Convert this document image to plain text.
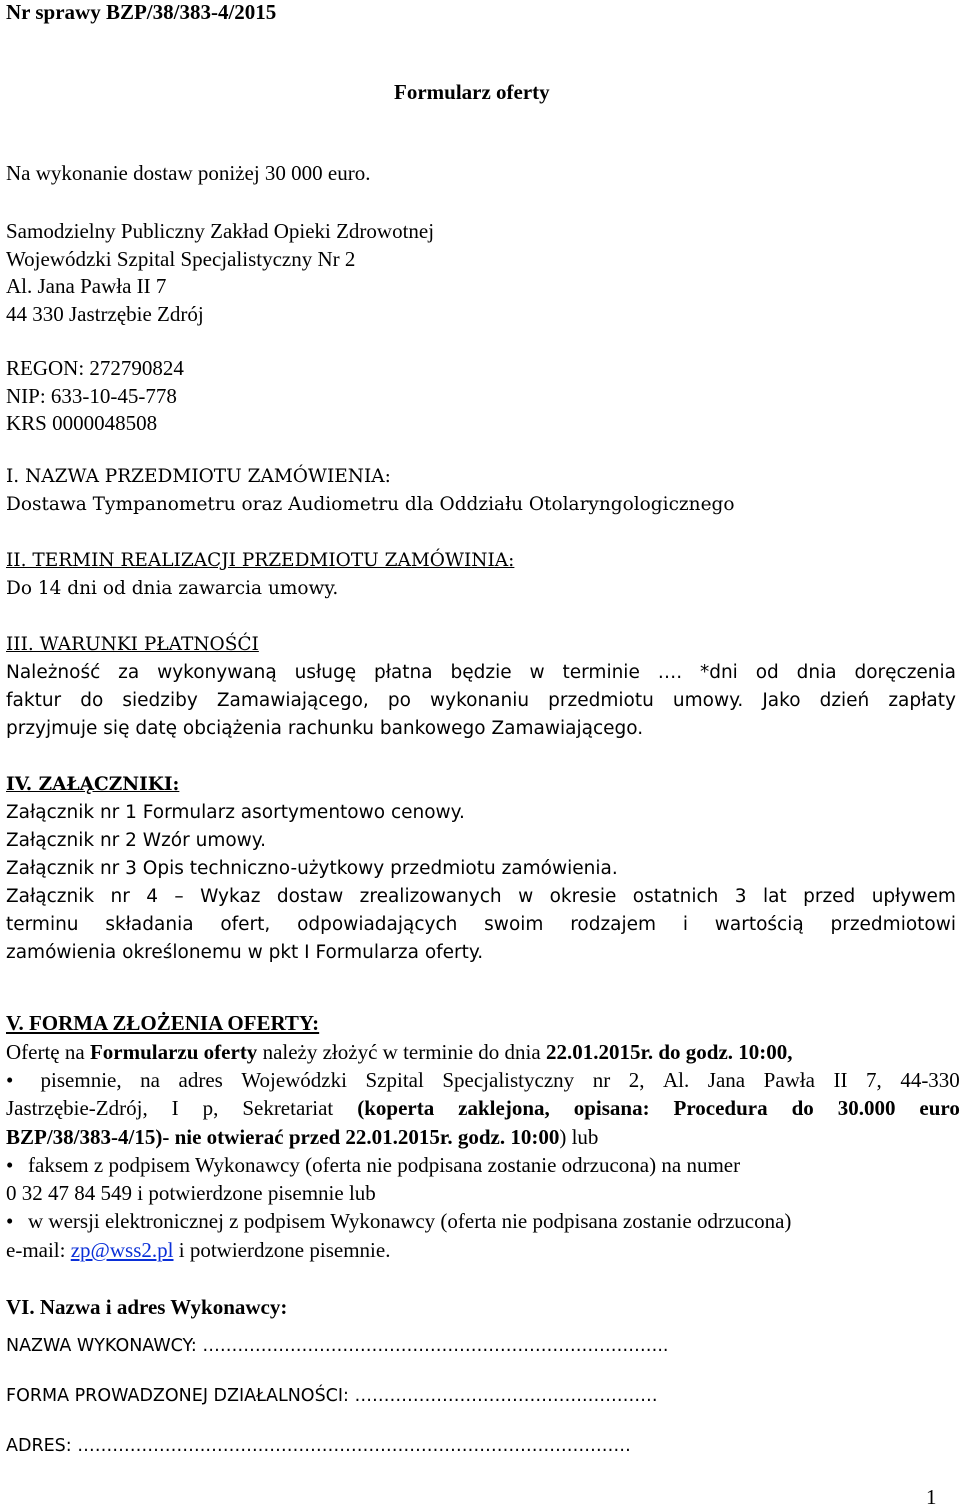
Nr sprawy BZP/38/383-4/2015
Formularz oferty
Na wykonanie dostaw poniżej 30 000 euro.
Samodzielny Publiczny Zakład Opieki Zdrowotnej
Wojewódzki Szpital Specjalistyczny Nr 2
Al. Jana Pawła II 7
44 330 Jastrzębie Zdrój
REGON: 272790824
NIP: 633-10-45-778
KRS 0000048508
I. NAZWA PRZEDMIOTU ZAMÓWIENIA:
Dostawa Tympanometru oraz Audiometru dla Oddziału Otolaryngologicznego
II. TERMIN REALIZACJI PRZEDMIOTU ZAMÓWINIA:
Do 14 dni od dnia zawarcia umowy.
III. WARUNKI PŁATNOŚĆI
Należność za wykonywaną usługę płatna będzie w terminie …. *dni od dnia doręczenia
faktur do siedziby Zamawiającego, po wykonaniu przedmiotu umowy. Jako dzień zapłaty
przyjmuje się datę obciążenia rachunku bankowego Zamawiającego.
IV. ZAŁĄCZNIKI:
Załącznik nr 1 Formularz asortymentowo cenowy.
Załącznik nr 2 Wzór umowy.
Załącznik nr 3 Opis techniczno-użytkowy przedmiotu zamówienia.
Załącznik nr 4 – Wykaz dostaw zrealizowanych w okresie ostatnich 3 lat przed upływem
terminu składania ofert, odpowiadających swoim rodzajem i wartością przedmiotowi
zamówienia określonemu w pkt I Formularza oferty.
V. FORMA ZŁOŻENIA OFERTY:
Ofertę na Formularzu oferty należy złożyć w terminie do dnia 22.01.2015r. do godz. 10:00,
•	pisemnie, na adres Wojewódzki Szpital Specjalistyczny nr 2, Al. Jana Pawła II 7, 44-330
Jastrzębie-Zdrój, I p, Sekretariat (koperta zaklejona, opisana: Procedura do 30.000 euro
BZP/38/383-4/15)- nie otwierać przed 22.01.2015r. godz. 10:00) lub
• faksem z podpisem Wykonawcy (oferta nie podpisana zostanie odrzucona) na numer
0 32 47 84 549 i potwierdzone pisemnie lub
• w wersji elektronicznej z podpisem Wykonawcy (oferta nie podpisana zostanie odrzucona)
e-mail: zp@wss2.pl i potwierdzone pisemnie.
VI. Nazwa i adres Wykonawcy:
NAZWA WYKONAWCY: ……………………………………………………………………..
FORMA PROWADZONEJ DZIAŁALNOŚCI: ………………………………….…………
ADRES: ………………….……….………………………………………………………
1
